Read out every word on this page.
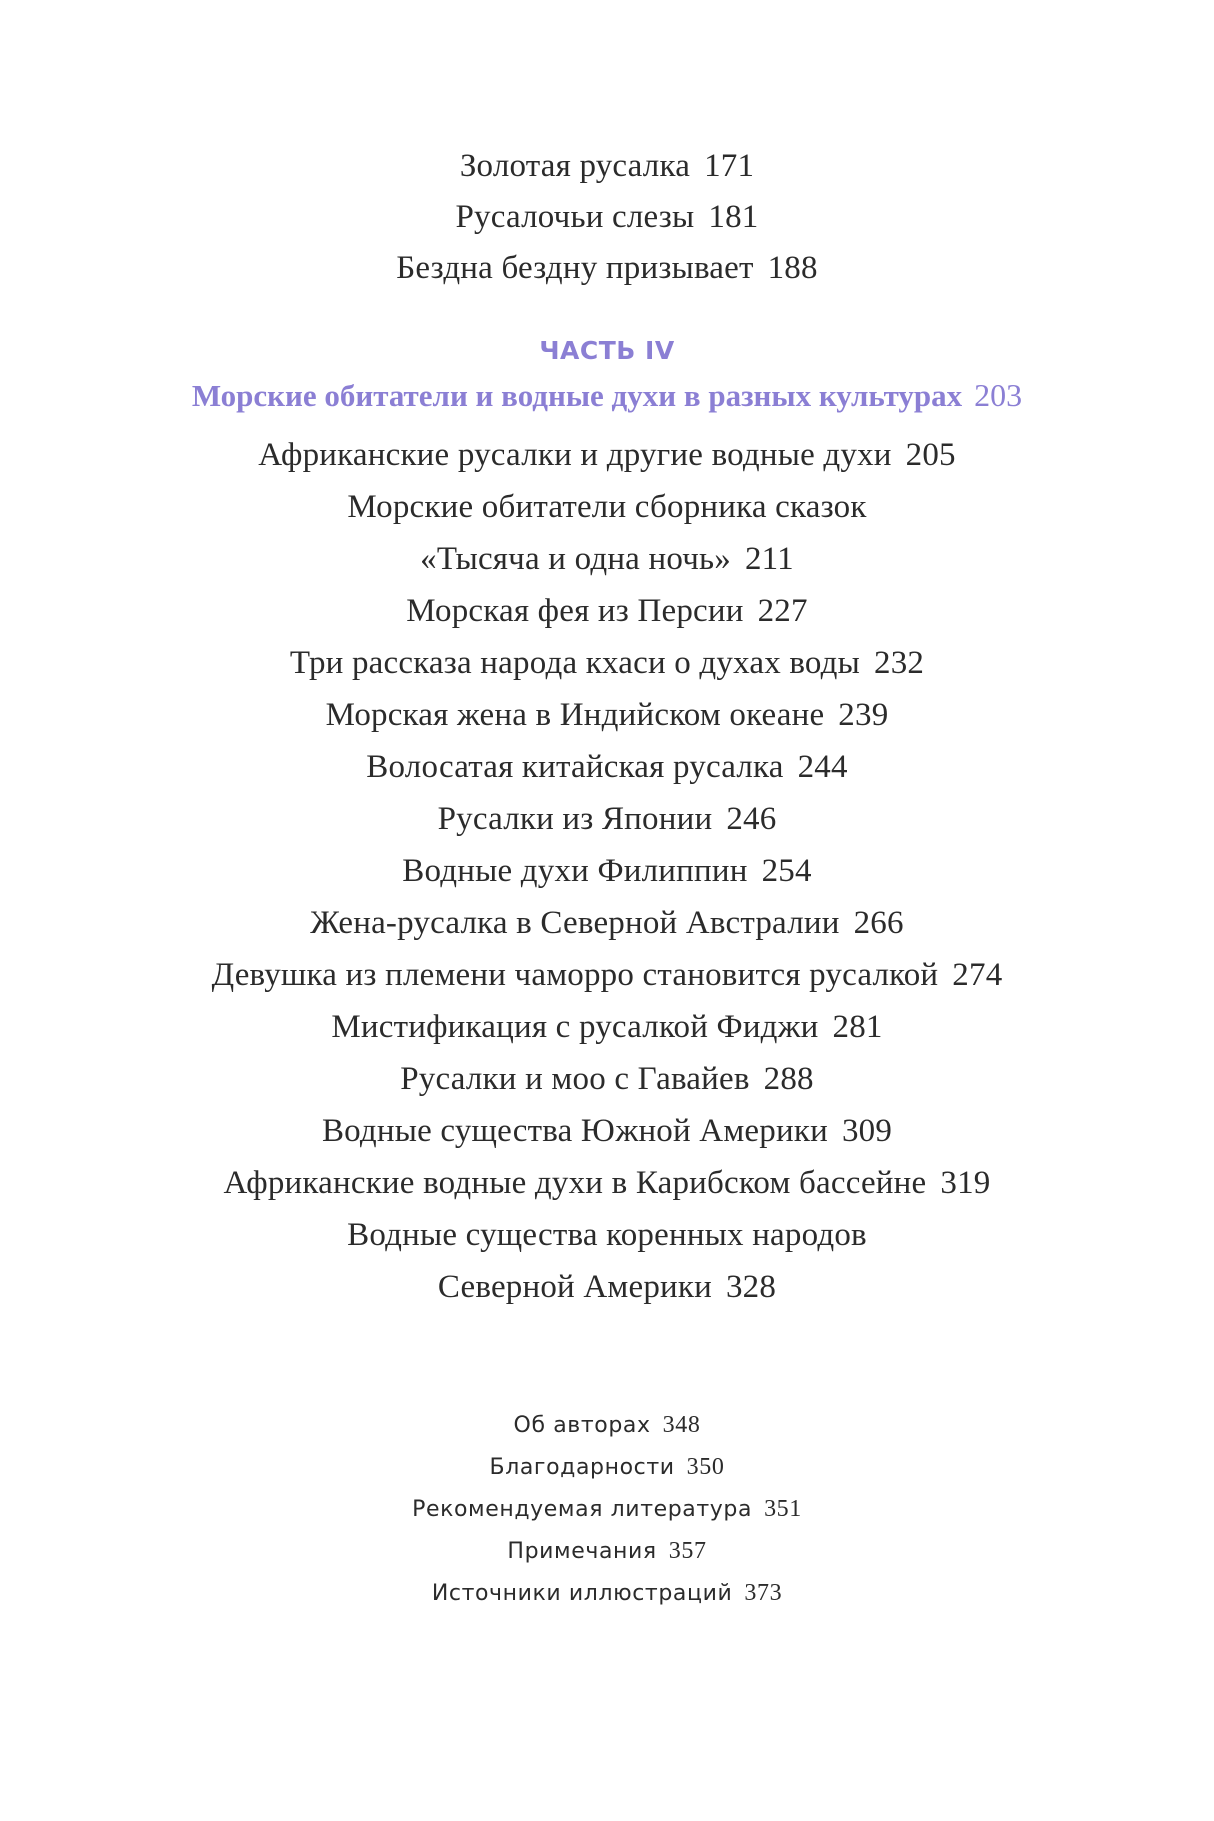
Золотая русалка 171
Русалочьи слезы 181
Бездна бездну призывает 188
ЧАСТЬ IV
Морские обитатели и водные духи в разных культурах 203
Африканские русалки и другие водные духи 205
Морские обитатели сборника сказок
«Тысяча и одна ночь» 211
Морская фея из Персии 227
Три рассказа народа кхаси о духах воды 232
Морская жена в Индийском океане 239
Волосатая китайская русалка 244
Русалки из Японии 246
Водные духи Филиппин 254
Жена-русалка в Северной Австралии 266
Девушка из племени чаморро становится русалкой 274
Мистификация с русалкой Фиджи 281
Русалки и моо с Гавайев 288
Водные существа Южной Америки 309
Африканские водные духи в Карибском бассейне 319
Водные существа коренных народов
Северной Америки 328
Об авторах 348
Благодарности 350
Рекомендуемая литература 351
Примечания 357
Источники иллюстраций 373
